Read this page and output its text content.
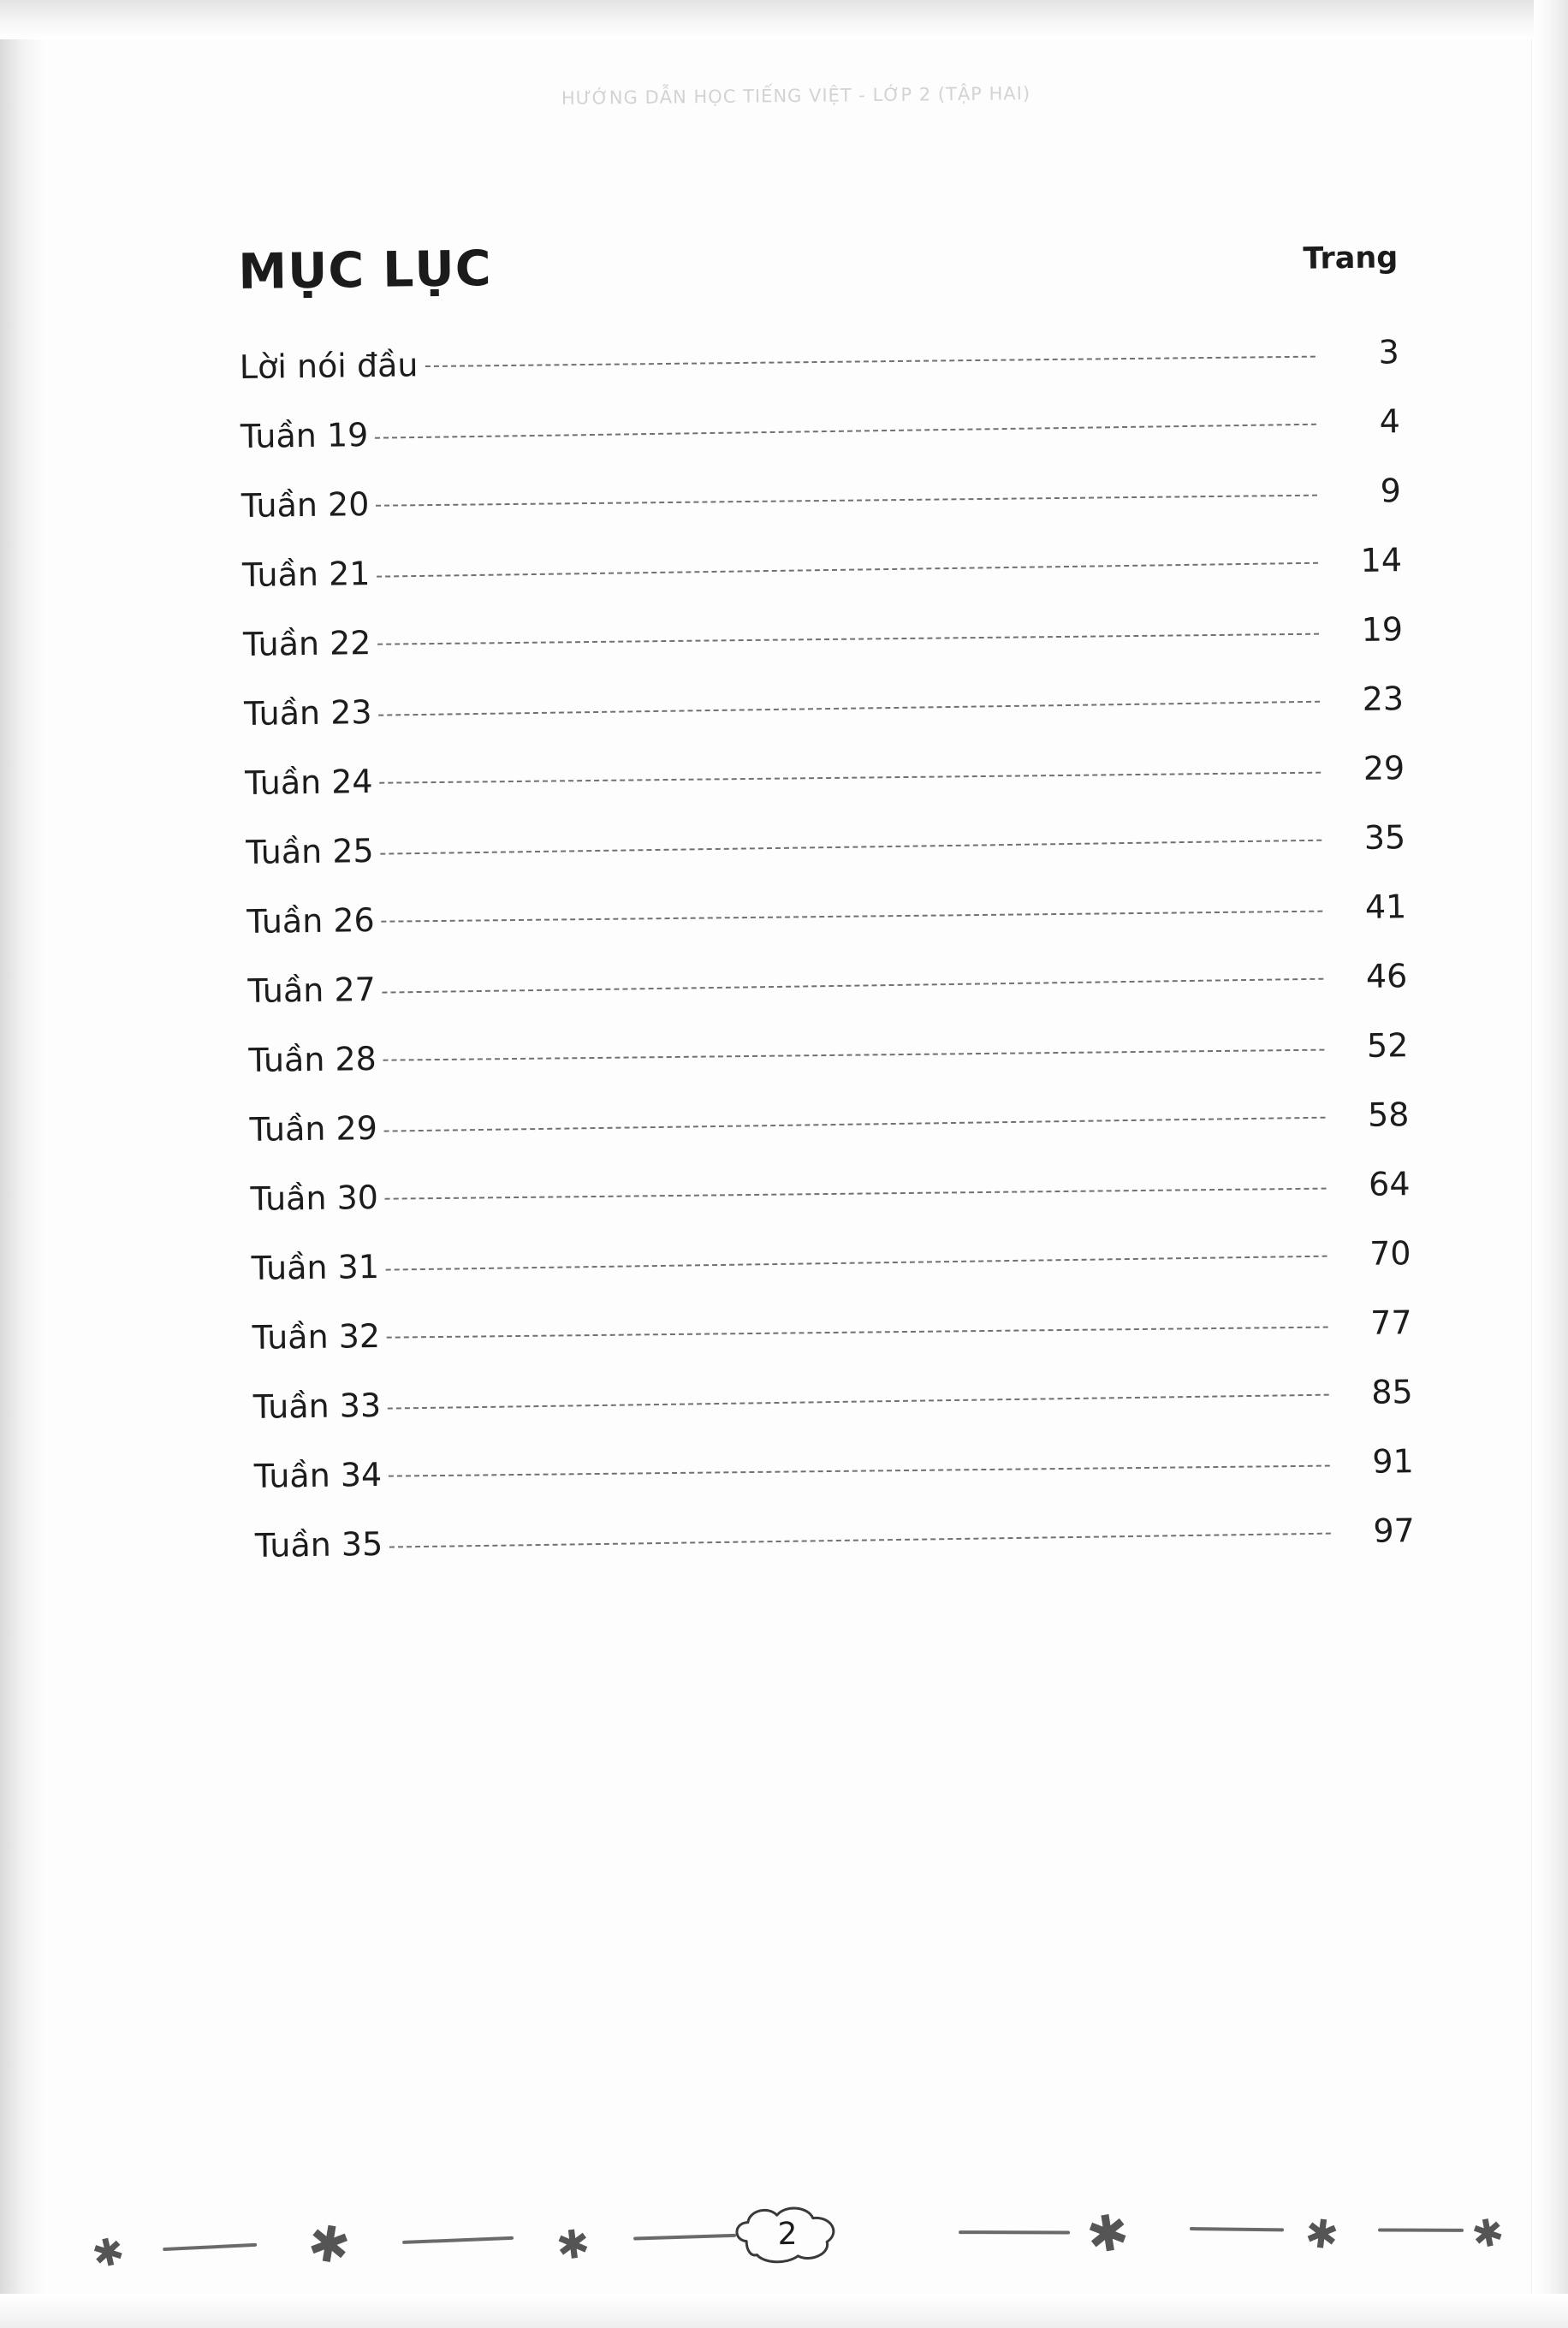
HƯỚNG DẪN HỌC TIẾNG VIỆT - LỚP 2 (TẬP HAI)
MỤC LỤC	Trang
Lời nói đầu	3
Tuần 19	4
Tuần 20	9
Tuần 21	14
Tuần 22	19
Tuần 23	23
Tuần 24	29
Tuần 25	35
Tuần 26	41
Tuần 27	46
Tuần 28	52
Tuần 29	58
Tuần 30	64
Tuần 31	70
Tuần 32	77
Tuần 33	85
Tuần 34	91
Tuần 35	97
✱	✱	✱	2	✱	✱	✱
